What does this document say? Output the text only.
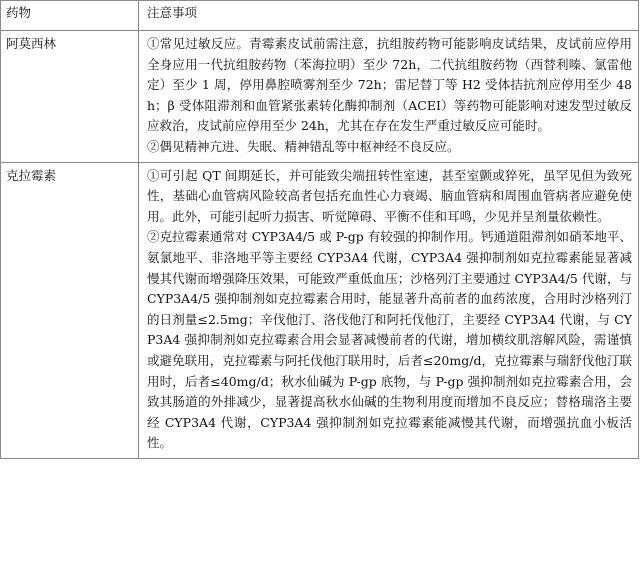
药物	注意事项
阿莫西林	①常见过敏反应。青霉素皮试前需注意，抗组胺药物可能影响皮试结果，皮试前应停用全身应用一代抗组胺药物（苯海拉明）至少 72h，二代抗组胺药物（西替利嗪、氯雷他定）至少 1 周，停用鼻腔喷雾剂至少 72h；雷尼替丁等 H2 受体拮抗剂应停用至少 48h；β 受体阻滞剂和血管紧张素转化酶抑制剂（ACEI）等药物可能影响对速发型过敏反应救治，皮试前应停用至少 24h，尤其在存在发生严重过敏反应可能时。

②偶见精神亢进、失眠、精神错乱等中枢神经不良反应。

克拉霉素	①可引起 QT 间期延长，并可能致尖端扭转性室速，甚至室颤或猝死，虽罕见但为致死性，基础心血管病风险较高者包括充血性心力衰竭、脑血管病和周围血管病者应避免使用。此外，可能引起听力损害、听觉障碍、平衡不佳和耳鸣，少见并呈剂量依赖性。

②克拉霉素通常对 CYP3A4/5 或 P-gp 有较强的抑制作用。钙通道阻滞剂如硝苯地平、氨氯地平、非洛地平等主要经 CYP3A4 代谢，CYP3A4 强抑制剂如克拉霉素能显著减慢其代谢而增强降压效果，可能致严重低血压；沙格列汀主要通过 CYP3A4/5 代谢，与 CYP3A4/5 强抑制剂如克拉霉素合用时，能显著升高前者的血药浓度，合用时沙格列汀的日剂量≤2.5mg；辛伐他汀、洛伐他汀和阿托伐他汀，主要经 CYP3A4 代谢，与 CYP3A4 强抑制剂如克拉霉素合用会显著减慢前者的代谢，增加横纹肌溶解风险，需谨慎或避免联用，克拉霉素与阿托伐他汀联用时，后者≤20mg/d，克拉霉素与瑞舒伐他汀联用时，后者≤40mg/d；秋水仙碱为 P-gp 底物，与 P-gp 强抑制剂如克拉霉素合用，会致其肠道的外排减少，显著提高秋水仙碱的生物利用度而增加不良反应；替格瑞洛主要经 CYP3A4 代谢，CYP3A4 强抑制剂如克拉霉素能减慢其代谢，而增强抗血小板活性。
